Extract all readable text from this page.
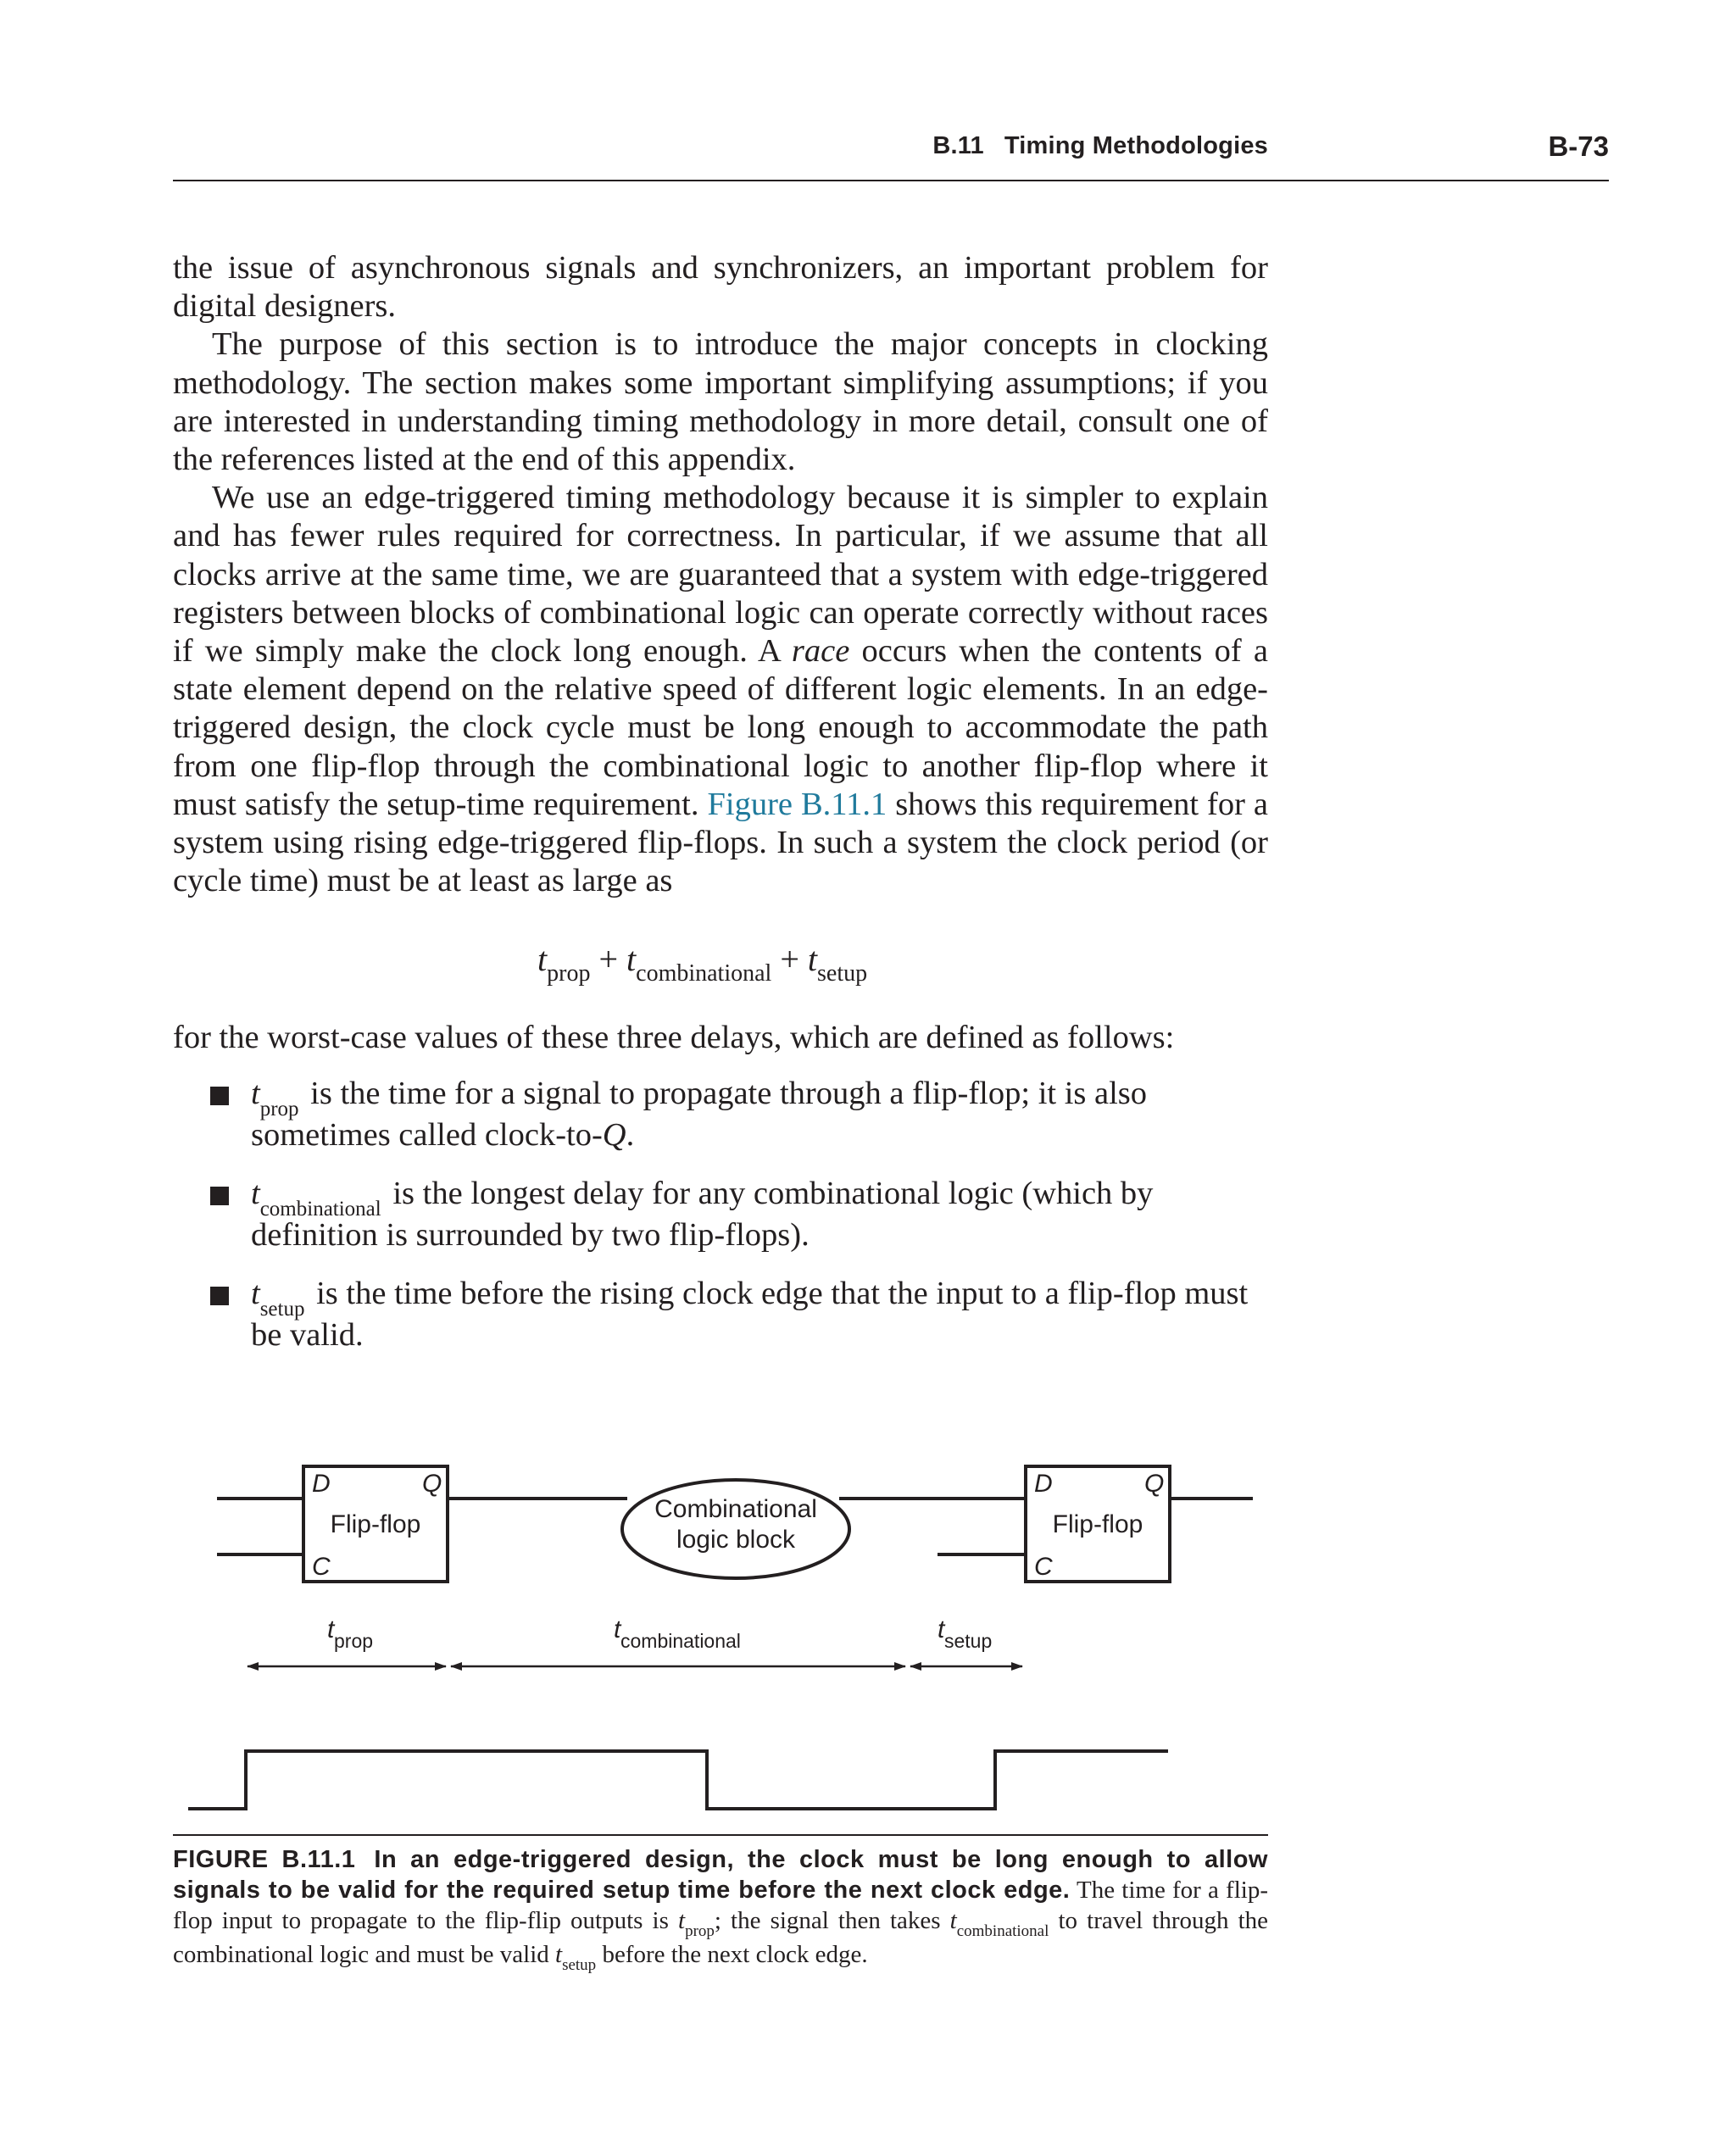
B.11 Timing Methodologies	B-73

the issue of asynchronous signals and synchronizers, an important problem for digital designers.

The purpose of this section is to introduce the major concepts in clocking methodology. The section makes some important simplifying assumptions; if you are interested in understanding timing methodology in more detail, consult one of the references listed at the end of this appendix.

We use an edge-triggered timing methodology because it is simpler to explain and has fewer rules required for correctness. In particular, if we assume that all clocks arrive at the same time, we are guaranteed that a system with edge-triggered registers between blocks of combinational logic can operate correctly without races if we simply make the clock long enough. A race occurs when the contents of a state element depend on the relative speed of different logic elements. In an edge-triggered design, the clock cycle must be long enough to accommodate the path from one flip-flop through the combinational logic to another flip-flop where it must satisfy the setup-time requirement. Figure B.11.1 shows this requirement for a system using rising edge-triggered flip-flops. In such a system the clock period (or cycle time) must be at least as large as

$t_{prop} + t_{combinational} + t_{setup}$
for the worst-case values of these three delays, which are defined as follows:
$t_{prop}$ is the time for a signal to propagate through a flip-flop; it is also sometimes called clock-to-Q.
$t_{combinational}$ is the longest delay for any combinational logic (which by definition is surrounded by two flip-flops).
$t_{setup}$ is the time before the rising clock edge that the input to a flip-flop must be valid.
D	Q
C
Flip-flop
Combinational
logic block
D	Q
C
Flip-flop
t prop	t combinational	t setup
FIGURE B.11.1 In an edge-triggered design, the clock must be long enough to allow signals to be valid for the required setup time before the next clock edge. The time for a flip-flop input to propagate to the flip-flip outputs is $t_{prop}$; the signal then takes $t_{combinational}$ to travel through the combinational logic and must be valid $t_{setup}$ before the next clock edge.
